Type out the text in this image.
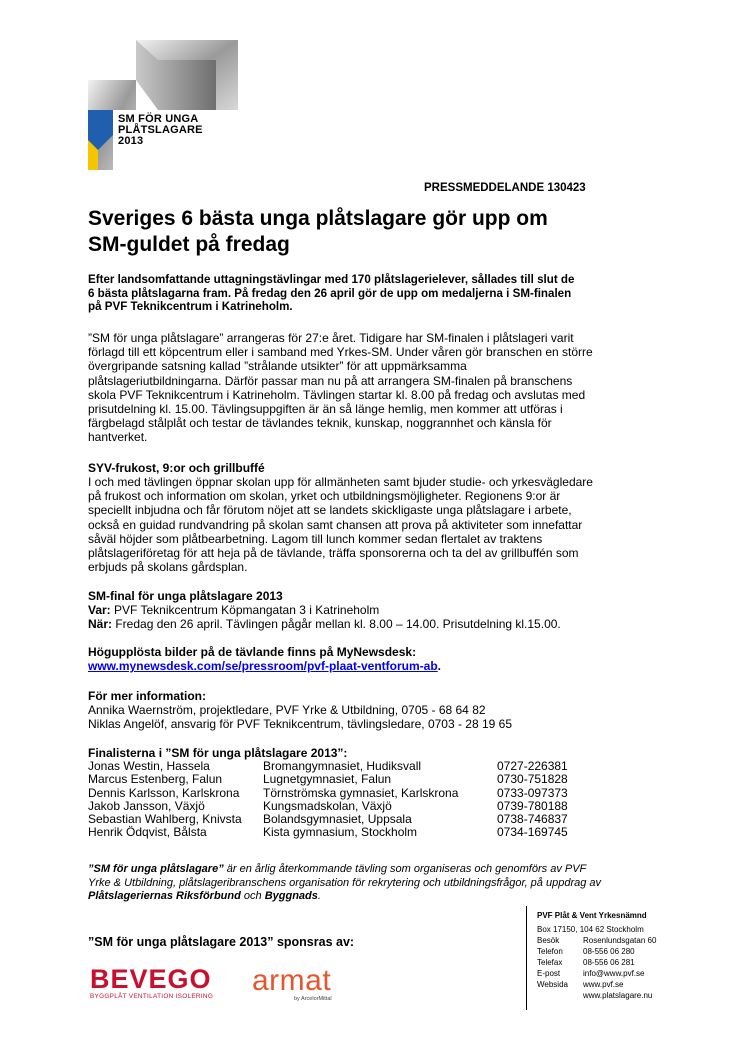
SM FÖR UNGA
PLÅTSLAGARE
2013
PRESSMEDDELANDE 130423
Sveriges 6 bästa unga plåtslagare gör upp om
SM-guldet på fredag
Efter landsomfattande uttagningstävlingar med 170 plåtslagerielever, sållades till slut de
6 bästa plåtslagarna fram. På fredag den 26 april gör de upp om medaljerna i SM-finalen
på PVF Teknikcentrum i Katrineholm.
”SM för unga plåtslagare” arrangeras för 27:e året. Tidigare har SM-finalen i plåtslageri varit
förlagd till ett köpcentrum eller i samband med Yrkes-SM. Under våren gör branschen en större
övergripande satsning kallad ”strålande utsikter” för att uppmärksamma
plåtslageriutbildningarna. Därför passar man nu på att arrangera SM-finalen på branschens
skola PVF Teknikcentrum i Katrineholm. Tävlingen startar kl. 8.00 på fredag och avslutas med
prisutdelning kl. 15.00. Tävlingsuppgiften är än så länge hemlig, men kommer att utföras i
färgbelagd stålplåt och testar de tävlandes teknik, kunskap, noggrannhet och känsla för
hantverket.
SYV-frukost, 9:or och grillbuffé
I och med tävlingen öppnar skolan upp för allmänheten samt bjuder studie- och yrkesvägledare
på frukost och information om skolan, yrket och utbildningsmöjligheter. Regionens 9:or är
speciellt inbjudna och får förutom nöjet att se landets skickligaste unga plåtslagare i arbete,
också en guidad rundvandring på skolan samt chansen att prova på aktiviteter som innefattar
såväl höjder som plåtbearbetning. Lagom till lunch kommer sedan flertalet av traktens
plåtslageriföretag för att heja på de tävlande, träffa sponsorerna och ta del av grillbuffén som
erbjuds på skolans gårdsplan.
SM-final för unga plåtslagare 2013
Var: PVF Teknikcentrum Köpmangatan 3 i Katrineholm
När: Fredag den 26 april. Tävlingen pågår mellan kl. 8.00 – 14.00. Prisutdelning kl.15.00.
Högupplösta bilder på de tävlande finns på MyNewsdesk:
www.mynewsdesk.com/se/pressroom/pvf-plaat-ventforum-ab.
För mer information:
Annika Waernström, projektledare, PVF Yrke & Utbildning, 0705 - 68 64 82
Niklas Angelöf, ansvarig för PVF Teknikcentrum, tävlingsledare, 0703 - 28 19 65
Finalisterna i ”SM för unga plåtslagare 2013”:
Jonas Westin, Hassela	Bromangymnasiet, Hudiksvall	0727-226381
Marcus Estenberg, Falun	Lugnetgymnasiet, Falun	0730-751828
Dennis Karlsson, Karlskrona	Törnströmska gymnasiet, Karlskrona	0733-097373
Jakob Jansson, Växjö	Kungsmadskolan, Växjö	0739-780188
Sebastian Wahlberg, Knivsta	Bolandsgymnasiet, Uppsala	0738-746837
Henrik Ödqvist, Bålsta	Kista gymnasium, Stockholm	0734-169745
”SM för unga plåtslagare” är en årlig återkommande tävling som organiseras och genomförs av PVF
Yrke & Utbildning, plåtslageribranschens organisation för rekrytering och utbildningsfrågor, på uppdrag av
Plåtslageriernas Riksförbund och Byggnads.
”SM för unga plåtslagare 2013” sponsras av:
BEVEGO
BYGGPLÅT VENTILATION ISOLERING armat
by ArcelorMittal
PVF Plåt & Vent Yrkesnämnd
Box 17150, 104 62 Stockholm
Besök	Rosenlundsgatan 60
Telefon	08-556 06 280
Telefax	08-556 06 281
E-post	info@www.pvf.se
Websida	www.pvf.se
www.platslagare.nu
